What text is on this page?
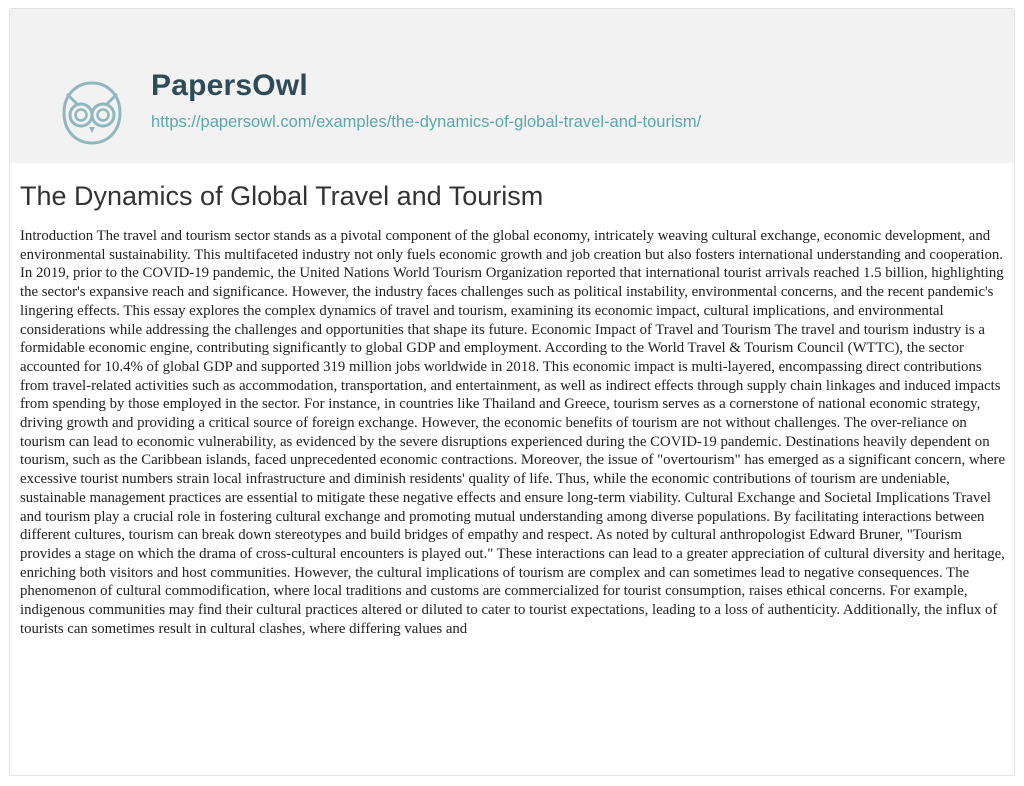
PapersOwl
https://papersowl.com/examples/the-dynamics-of-global-travel-and-tourism/
The Dynamics of Global Travel and Tourism

Introduction The travel and tourism sector stands as a pivotal component of the global economy, intricately weaving cultural exchange, economic development, and environmental sustainability. This multifaceted industry not only fuels economic growth and job creation but also fosters international understanding and cooperation. In 2019, prior to the COVID-19 pandemic, the United Nations World Tourism Organization reported that international tourist arrivals reached 1.5 billion, highlighting the sector's expansive reach and significance. However, the industry faces challenges such as political instability, environmental concerns, and the recent pandemic's lingering effects. This essay explores the complex dynamics of travel and tourism, examining its economic impact, cultural implications, and environmental considerations while addressing the challenges and opportunities that shape its future. Economic Impact of Travel and Tourism The travel and tourism industry is a formidable economic engine, contributing significantly to global GDP and employment. According to the World Travel & Tourism Council (WTTC), the sector accounted for 10.4% of global GDP and supported 319 million jobs worldwide in 2018. This economic impact is multi-layered, encompassing direct contributions from travel-related activities such as accommodation, transportation, and entertainment, as well as indirect effects through supply chain linkages and induced impacts from spending by those employed in the sector. For instance, in countries like Thailand and Greece, tourism serves as a cornerstone of national economic strategy, driving growth and providing a critical source of foreign exchange. However, the economic benefits of tourism are not without challenges. The over-reliance on tourism can lead to economic vulnerability, as evidenced by the severe disruptions experienced during the COVID-19 pandemic. Destinations heavily dependent on tourism, such as the Caribbean islands, faced unprecedented economic contractions. Moreover, the issue of "overtourism" has emerged as a significant concern, where excessive tourist numbers strain local infrastructure and diminish residents' quality of life. Thus, while the economic contributions of tourism are undeniable, sustainable management practices are essential to mitigate these negative effects and ensure long-term viability. Cultural Exchange and Societal Implications Travel and tourism play a crucial role in fostering cultural exchange and promoting mutual understanding among diverse populations. By facilitating interactions between different cultures, tourism can break down stereotypes and build bridges of empathy and respect. As noted by cultural anthropologist Edward Bruner, "Tourism provides a stage on which the drama of cross-cultural encounters is played out." These interactions can lead to a greater appreciation of cultural diversity and heritage, enriching both visitors and host communities. However, the cultural implications of tourism are complex and can sometimes lead to negative consequences. The phenomenon of cultural commodification, where local traditions and customs are commercialized for tourist consumption, raises ethical concerns. For example, indigenous communities may find their cultural practices altered or diluted to cater to tourist expectations, leading to a loss of authenticity. Additionally, the influx of tourists can sometimes result in cultural clashes, where differing values and
